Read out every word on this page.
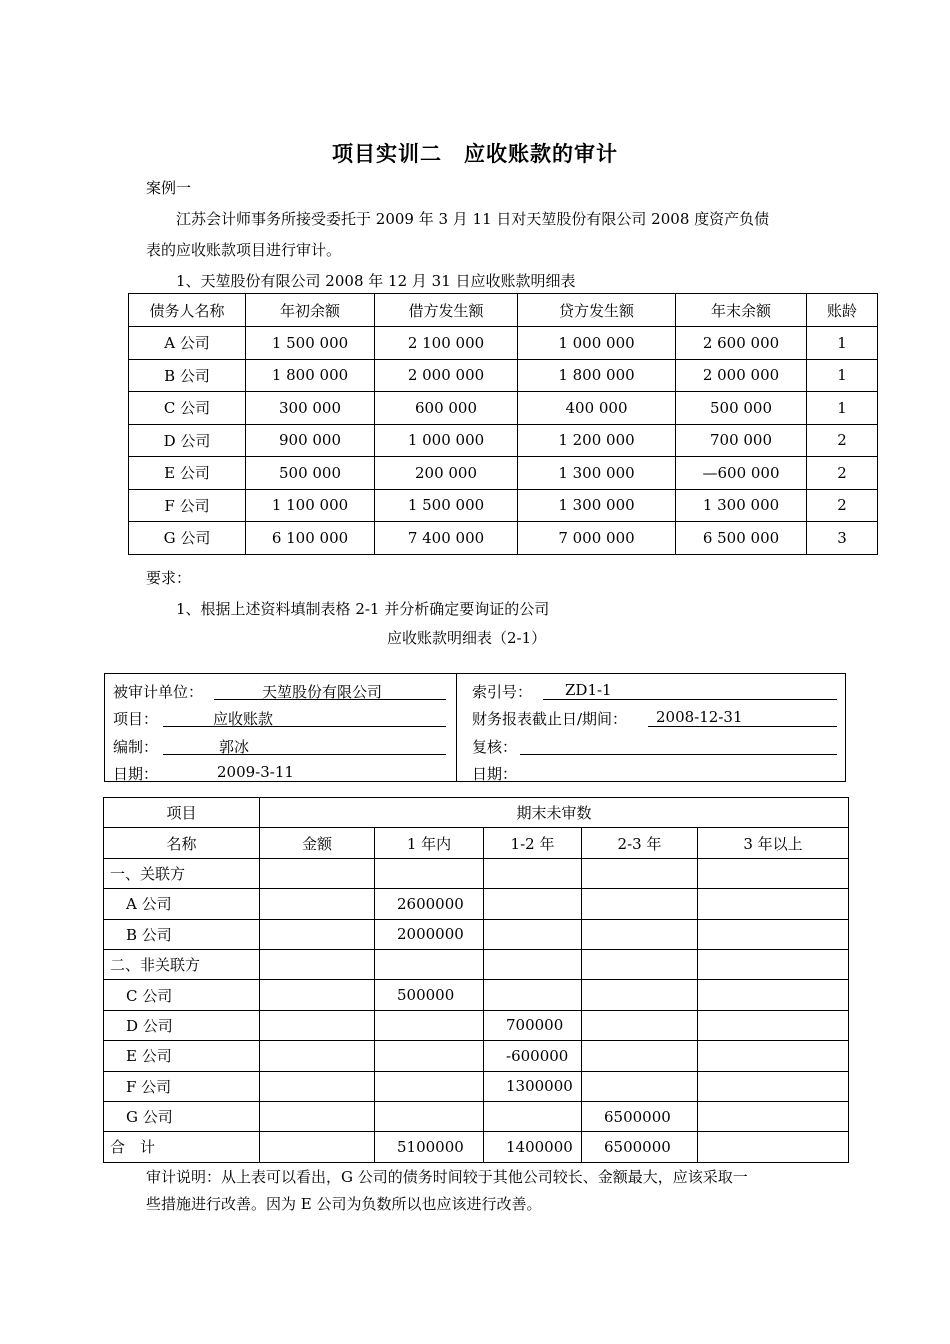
项目实训二　应收账款的审计
案例一
江苏会计师事务所接受委托于 2009 年 3 月 11 日对天堃股份有限公司 2008 度资产负债
表的应收账款项目进行审计。
1、天堃股份有限公司 2008 年 12 月 31 日应收账款明细表
债务人名称	年初余额	借方发生额	贷方发生额	年末余额	账龄
A 公司	1 500 000	2 100 000	1 000 000	2 600 000	1
B 公司	1 800 000	2 000 000	1 800 000	2 000 000	1
C 公司	300 000	600 000	400 000	500 000	1
D 公司	900 000	1 000 000	1 200 000	700 000	2
E 公司	500 000	200 000	1 300 000	—600 000	2
F 公司	1 100 000	1 500 000	1 300 000	1 300 000	2
G 公司	6 100 000	7 400 000	7 000 000	6 500 000	3
要求：
1、根据上述资料填制表格 2-1 并分析确定要询证的公司
应收账款明细表（2-1）
被审计单位：	天堃股份有限公司
项目：	应收账款
编制：	郭冰
日期：	2009-3-11
索引号： ZD1-1
财务报表截止日/期间： 2008-12-31
复核：
日期：
项目	期末未审数				
名称	金额	1 年内	1-2 年	2-3 年	3 年以上
一、关联方					
A 公司		2600000			
B 公司		2000000			
二、非关联方					
C 公司		500000			
D 公司			700000		
E 公司			-600000		
F 公司			1300000		
G 公司				6500000	
合　计		5100000	1400000	6500000	
审计说明：从上表可以看出，G 公司的债务时间较于其他公司较长、金额最大，应该采取一
些措施进行改善。因为 E 公司为负数所以也应该进行改善。
